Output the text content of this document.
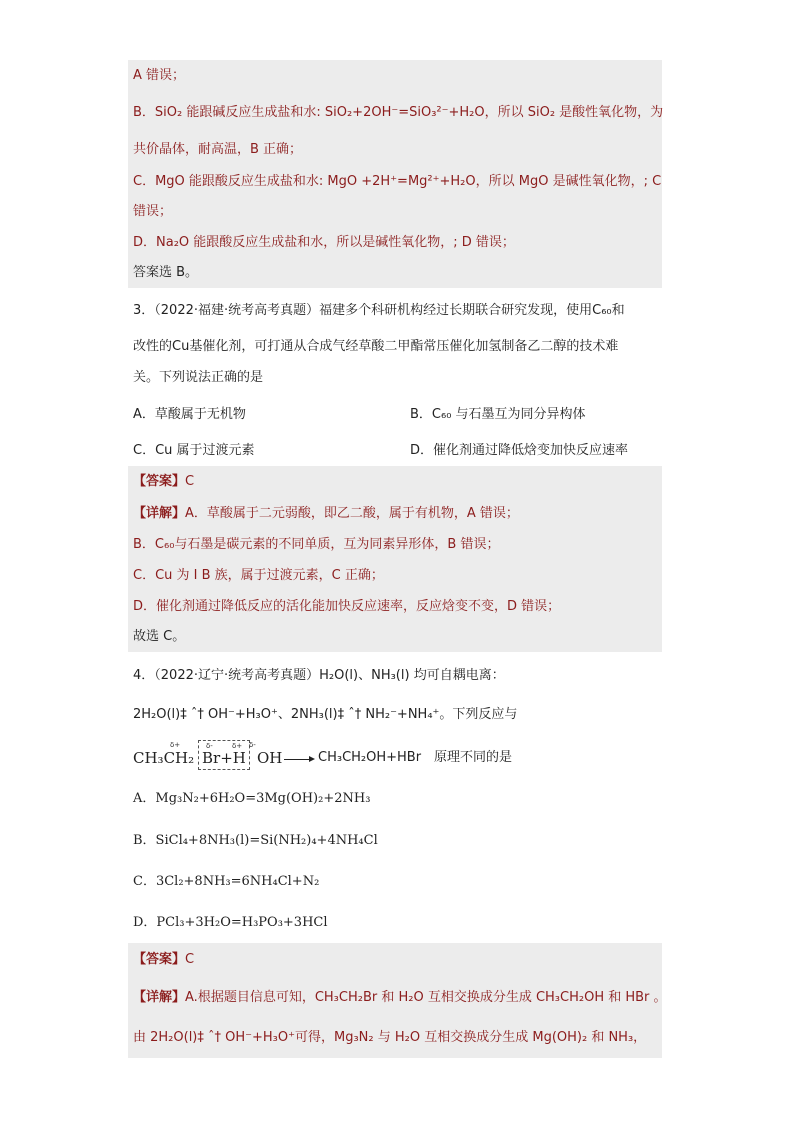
A 错误；
B．SiO₂ 能跟碱反应生成盐和水: SiO₂+2OH⁻=SiO₃²⁻+H₂O，所以 SiO₂ 是酸性氧化物，为
共价晶体，耐高温，B 正确；
C．MgO 能跟酸反应生成盐和水: MgO +2H⁺=Mg²⁺+H₂O，所以 MgO 是碱性氧化物，; C
错误；
D．Na₂O 能跟酸反应生成盐和水，所以是碱性氧化物，; D 错误；
答案选 B。
3．（2022·福建·统考高考真题）福建多个科研机构经过长期联合研究发现，使用C₆₀和
改性的Cu基催化剂，可打通从合成气经草酸二甲酯常压催化加氢制备乙二醇的技术难
关。下列说法正确的是
A．草酸属于无机物	B．C₆₀ 与石墨互为同分异构体
C．Cu 属于过渡元素	D．催化剂通过降低焓变加快反应速率
【答案】C
【详解】A．草酸属于二元弱酸，即乙二酸，属于有机物，A 错误；
B．C₆₀与石墨是碳元素的不同单质，互为同素异形体，B 错误；
C．Cu 为 I B 族，属于过渡元素，C 正确；
D．催化剂通过降低反应的活化能加快反应速率，反应焓变不变，D 错误；
故选 C。
4．（2022·辽宁·统考高考真题）H₂O(l)、NH₃(l) 均可自耦电离：
2H₂O(l)‡ ˆ† OH⁻+H₃O⁺、2NH₃(l)‡ ˆ† NH₂⁻+NH₄⁺。下列反应与
CH₃CH₂ Br+H OH
δ+	δ-	δ+ δ-
CH₃CH₂OH+HBr 原理不同的是
A．Mg₃N₂+6H₂O=3Mg(OH)₂+2NH₃
B．SiCl₄+8NH₃(l)=Si(NH₂)₄+4NH₄Cl
C．3Cl₂+8NH₃=6NH₄Cl+N₂
D．PCl₃+3H₂O=H₃PO₃+3HCl
【答案】C
【详解】A.根据题目信息可知，CH₃CH₂Br 和 H₂O 互相交换成分生成 CH₃CH₂OH 和 HBr 。
由 2H₂O(l)‡ ˆ† OH⁻+H₃O⁺可得，Mg₃N₂ 与 H₂O 互相交换成分生成 Mg(OH)₂ 和 NH₃，
